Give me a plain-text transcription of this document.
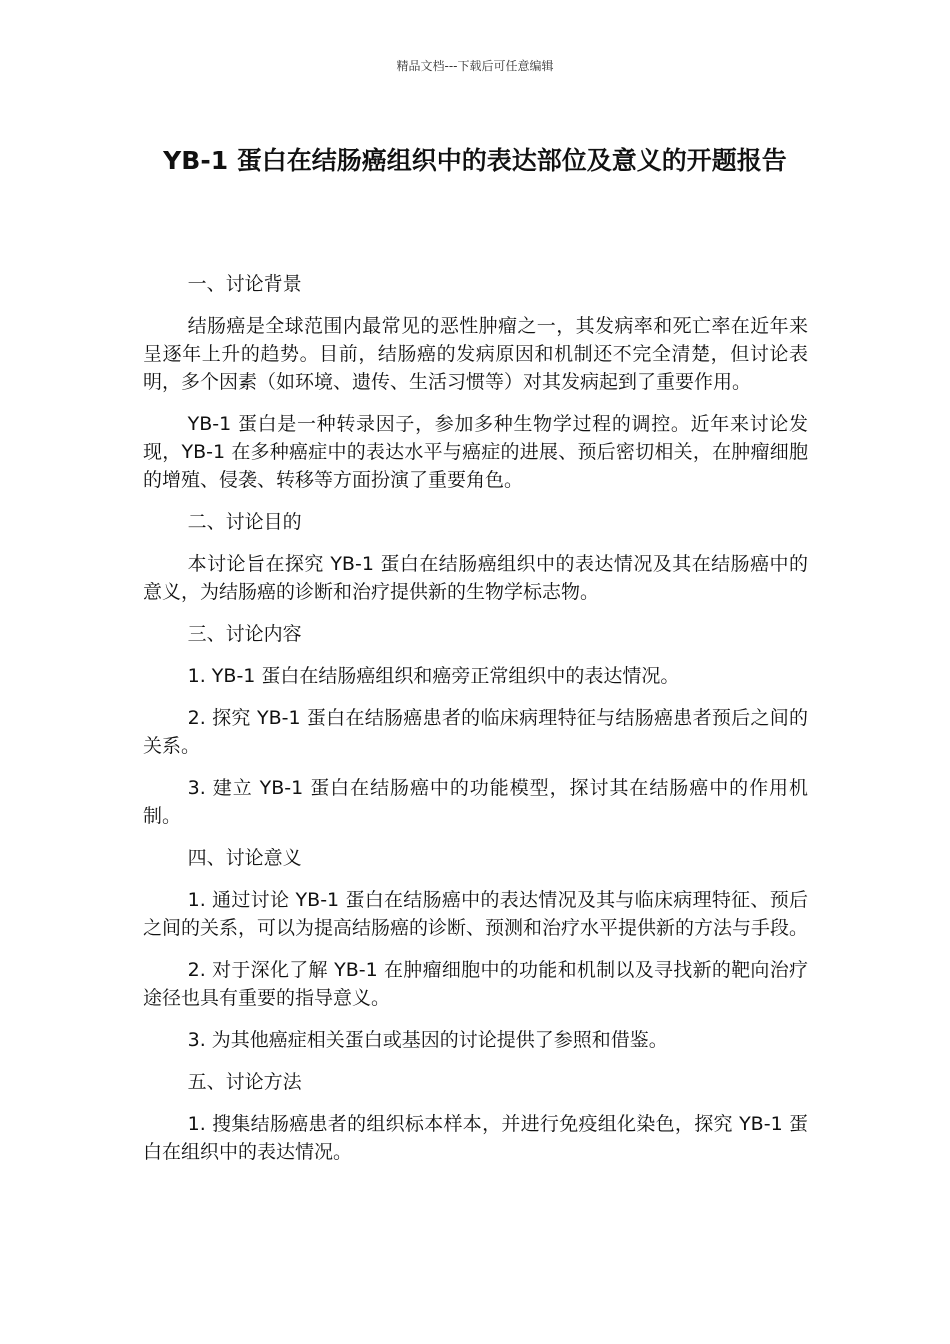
精品文档---下载后可任意编辑
YB-1 蛋白在结肠癌组织中的表达部位及意义的开题报告

一、讨论背景

结肠癌是全球范围内最常见的恶性肿瘤之一，其发病率和死亡率在近年来呈逐年上升的趋势。目前，结肠癌的发病原因和机制还不完全清楚，但讨论表明，多个因素（如环境、遗传、生活习惯等）对其发病起到了重要作用。

YB-1 蛋白是一种转录因子，参加多种生物学过程的调控。近年来讨论发现，YB-1 在多种癌症中的表达水平与癌症的进展、预后密切相关，在肿瘤细胞的增殖、侵袭、转移等方面扮演了重要角色。

二、讨论目的

本讨论旨在探究 YB-1 蛋白在结肠癌组织中的表达情况及其在结肠癌中的意义，为结肠癌的诊断和治疗提供新的生物学标志物。

三、讨论内容

1. YB-1 蛋白在结肠癌组织和癌旁正常组织中的表达情况。

2. 探究 YB-1 蛋白在结肠癌患者的临床病理特征与结肠癌患者预后之间的关系。

3. 建立 YB-1 蛋白在结肠癌中的功能模型，探讨其在结肠癌中的作用机制。

四、讨论意义

1. 通过讨论 YB-1 蛋白在结肠癌中的表达情况及其与临床病理特征、预后之间的关系，可以为提高结肠癌的诊断、预测和治疗水平提供新的方法与手段。

2. 对于深化了解 YB-1 在肿瘤细胞中的功能和机制以及寻找新的靶向治疗途径也具有重要的指导意义。

3. 为其他癌症相关蛋白或基因的讨论提供了参照和借鉴。

五、讨论方法

1. 搜集结肠癌患者的组织标本样本，并进行免疫组化染色，探究 YB-1 蛋白在组织中的表达情况。
